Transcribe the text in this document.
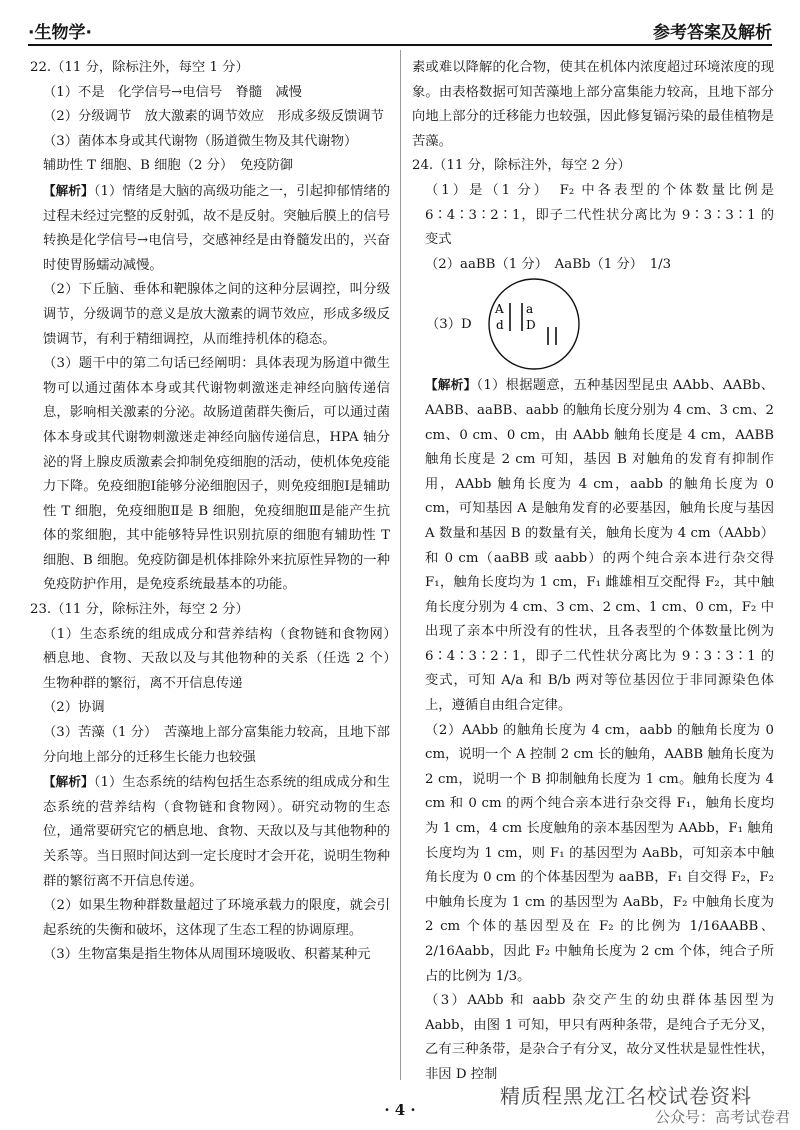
·生物学·	参考答案及解析

22.（11 分，除标注外，每空 1 分）

（1）不是　化学信号→电信号　脊髓　减慢

（2）分级调节　放大激素的调节效应　形成多级反馈调节

（3）菌体本身或其代谢物（肠道微生物及其代谢物）

辅助性 T 细胞、B 细胞（2 分）　免疫防御

【解析】（1）情绪是大脑的高级功能之一，引起抑郁情绪的过程未经过完整的反射弧，故不是反射。突触后膜上的信号转换是化学信号→电信号，交感神经是由脊髓发出的，兴奋时使胃肠蠕动减慢。

（2）下丘脑、垂体和靶腺体之间的这种分层调控，叫分级调节，分级调节的意义是放大激素的调节效应，形成多级反馈调节，有利于精细调控，从而维持机体的稳态。

（3）题干中的第二句话已经阐明：具体表现为肠道中微生物可以通过菌体本身或其代谢物刺激迷走神经向脑传递信息，影响相关激素的分泌。故肠道菌群失衡后，可以通过菌体本身或其代谢物刺激迷走神经向脑传递信息，HPA 轴分泌的肾上腺皮质激素会抑制免疫细胞的活动，使机体免疫能力下降。免疫细胞Ⅰ能够分泌细胞因子，则免疫细胞Ⅰ是辅助性 T 细胞，免疫细胞Ⅱ是 B 细胞，免疫细胞Ⅲ是能产生抗体的浆细胞，其中能够特异性识别抗原的细胞有辅助性 T 细胞、B 细胞。免疫防御是机体排除外来抗原性异物的一种免疫防护作用，是免疫系统最基本的功能。

23.（11 分，除标注外，每空 2 分）

（1）生态系统的组成成分和营养结构（食物链和食物网）　栖息地、食物、天敌以及与其他物种的关系（任选 2 个）　生物种群的繁衍，离不开信息传递

（2）协调

（3）苦藻（1 分）　苦藻地上部分富集能力较高，且地下部分向地上部分的迁移生长能力也较强

【解析】（1）生态系统的结构包括生态系统的组成成分和生态系统的营养结构（食物链和食物网）。研究动物的生态位，通常要研究它的栖息地、食物、天敌以及与其他物种的关系等。当日照时间达到一定长度时才会开花，说明生物种群的繁衍离不开信息传递。

（2）如果生物种群数量超过了环境承载力的限度，就会引起系统的失衡和破坏，这体现了生态工程的协调原理。

（3）生物富集是指生物体从周围环境吸收、积蓄某种元

素或难以降解的化合物，使其在机体内浓度超过环境浓度的现象。由表格数据可知苦藻地上部分富集能力较高，且地下部分向地上部分的迁移能力也较强，因此修复镉污染的最佳植物是苦藻。

24.（11 分，除标注外，每空 2 分）

（1）是（1 分）　F₂ 中各表型的个体数量比例是 6∶4∶3∶2∶1，即子二代性状分离比为 9∶3∶3∶1 的变式

（2）aaBB（1 分）　AaBb（1 分）　1/3

（3）D
A a
d D

【解析】（1）根据题意，五种基因型昆虫 AAbb、AABb、AABB、aaBB、aabb 的触角长度分别为 4 cm、3 cm、2 cm、0 cm、0 cm，由 AAbb 触角长度是 4 cm，AABB 触角长度是 2 cm 可知，基因 B 对触角的发育有抑制作用，AAbb 触角长度为 4 cm，aabb 的触角长度为 0 cm，可知基因 A 是触角发育的必要基因，触角长度与基因 A 数量和基因 B 的数量有关，触角长度为 4 cm（AAbb）和 0 cm（aaBB 或 aabb）的两个纯合亲本进行杂交得 F₁，触角长度均为 1 cm，F₁ 雌雄相互交配得 F₂，其中触角长度分别为 4 cm、3 cm、2 cm、1 cm、0 cm，F₂ 中出现了亲本中所没有的性状，且各表型的个体数量比例为 6∶4∶3∶2∶1，即子二代性状分离比为 9∶3∶3∶1 的变式，可知 A/a 和 B/b 两对等位基因位于非同源染色体上，遵循自由组合定律。

（2）AAbb 的触角长度为 4 cm，aabb 的触角长度为 0 cm，说明一个 A 控制 2 cm 长的触角，AABB 触角长度为 2 cm，说明一个 B 抑制触角长度为 1 cm。触角长度为 4 cm 和 0 cm 的两个纯合亲本进行杂交得 F₁，触角长度均为 1 cm，4 cm 长度触角的亲本基因型为 AAbb，F₁ 触角长度均为 1 cm，则 F₁ 的基因型为 AaBb，可知亲本中触角长度为 0 cm 的个体基因型为 aaBB，F₁ 自交得 F₂，F₂ 中触角长度为 1 cm 的基因型为 AaBb，F₂ 中触角长度为 2 cm 个体的基因型及在 F₂ 的比例为 1/16AABB、2/16Aabb，因此 F₂ 中触角长度为 2 cm 个体，纯合子所占的比例为 1/3。

（3）AAbb 和 aabb 杂交产生的幼虫群体基因型为 Aabb，由图 1 可知，甲只有两种条带，是纯合子无分叉，乙有三种条带，是杂合子有分叉，故分叉性状是显性性状，非因 D 控制

· 4 ·
精质程黑龙江名校试卷资料
公众号：高考试卷君
